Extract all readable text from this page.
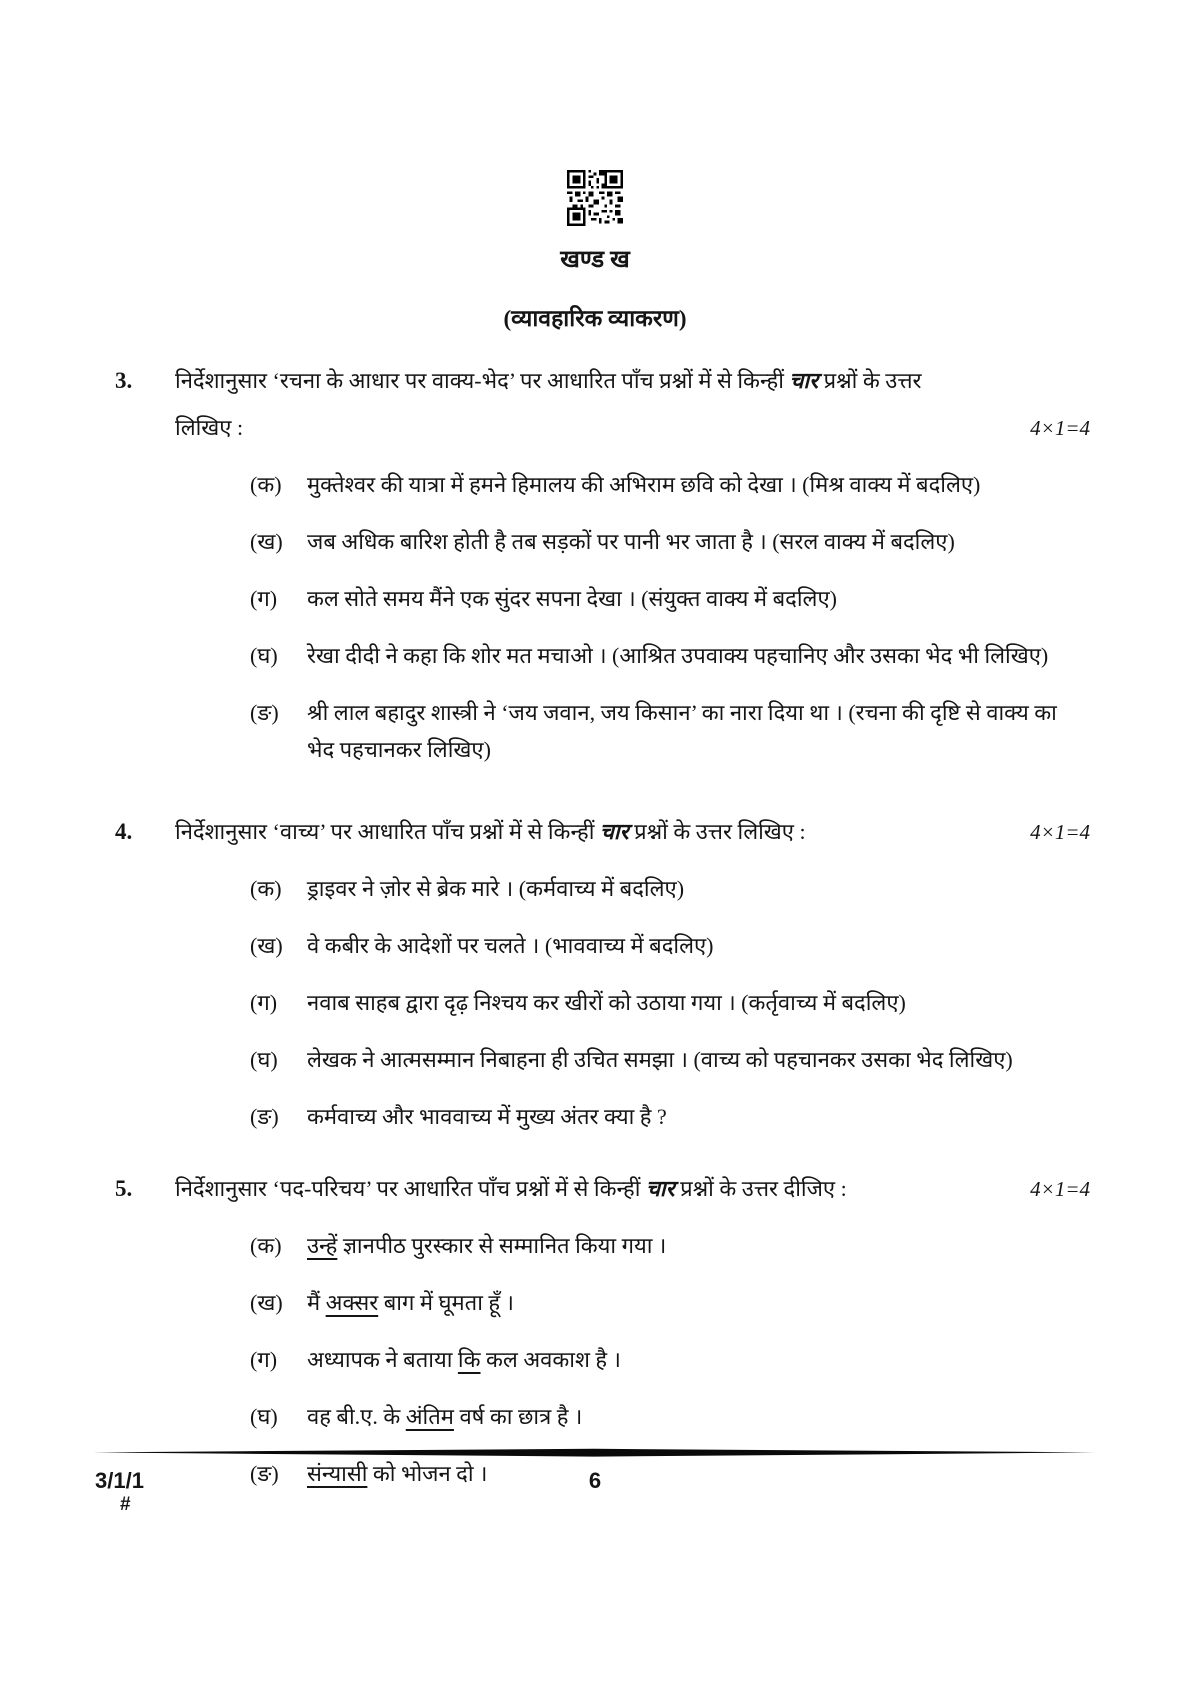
खण्ड ख
(व्यावहारिक व्याकरण)
3.	निर्देशानुसार ‘रचना के आधार पर वाक्य-भेद’ पर आधारित पाँच प्रश्नों में से किन्हीं चार प्रश्नों के उत्तर
लिखिए :	4×1=4
(क)	मुक्तेश्वर की यात्रा में हमने हिमालय की अभिराम छवि को देखा । (मिश्र वाक्य में बदलिए)
(ख)	जब अधिक बारिश होती है तब सड़कों पर पानी भर जाता है । (सरल वाक्य में बदलिए)
(ग)	कल सोते समय मैंने एक सुंदर सपना देखा । (संयुक्त वाक्य में बदलिए)
(घ)	रेखा दीदी ने कहा कि शोर मत मचाओ । (आश्रित उपवाक्य पहचानिए और उसका भेद भी लिखिए)
(ङ)	श्री लाल बहादुर शास्त्री ने ‘जय जवान, जय किसान’ का नारा दिया था । (रचना की दृष्टि से वाक्य का भेद पहचानकर लिखिए)
4.	निर्देशानुसार ‘वाच्य’ पर आधारित पाँच प्रश्नों में से किन्हीं चार प्रश्नों के उत्तर लिखिए :	4×1=4
(क)	ड्राइवर ने ज़ोर से ब्रेक मारे । (कर्मवाच्य में बदलिए)
(ख)	वे कबीर के आदेशों पर चलते । (भाववाच्य में बदलिए)
(ग)	नवाब साहब द्वारा दृढ़ निश्चय कर खीरों को उठाया गया । (कर्तृवाच्य में बदलिए)
(घ)	लेखक ने आत्मसम्मान निबाहना ही उचित समझा । (वाच्य को पहचानकर उसका भेद लिखिए)
(ङ)	कर्मवाच्य और भाववाच्य में मुख्य अंतर क्या है ?
5.	निर्देशानुसार ‘पद-परिचय’ पर आधारित पाँच प्रश्नों में से किन्हीं चार प्रश्नों के उत्तर दीजिए :	4×1=4
(क)	उन्हें ज्ञानपीठ पुरस्कार से सम्मानित किया गया ।
(ख)	मैं अक्सर बाग में घूमता हूँ ।
(ग)	अध्यापक ने बताया कि कल अवकाश है ।
(घ)	वह बी.ए. के अंतिम वर्ष का छात्र है ।
(ङ)	संन्यासी को भोजन दो ।
3/1/1
#
6
